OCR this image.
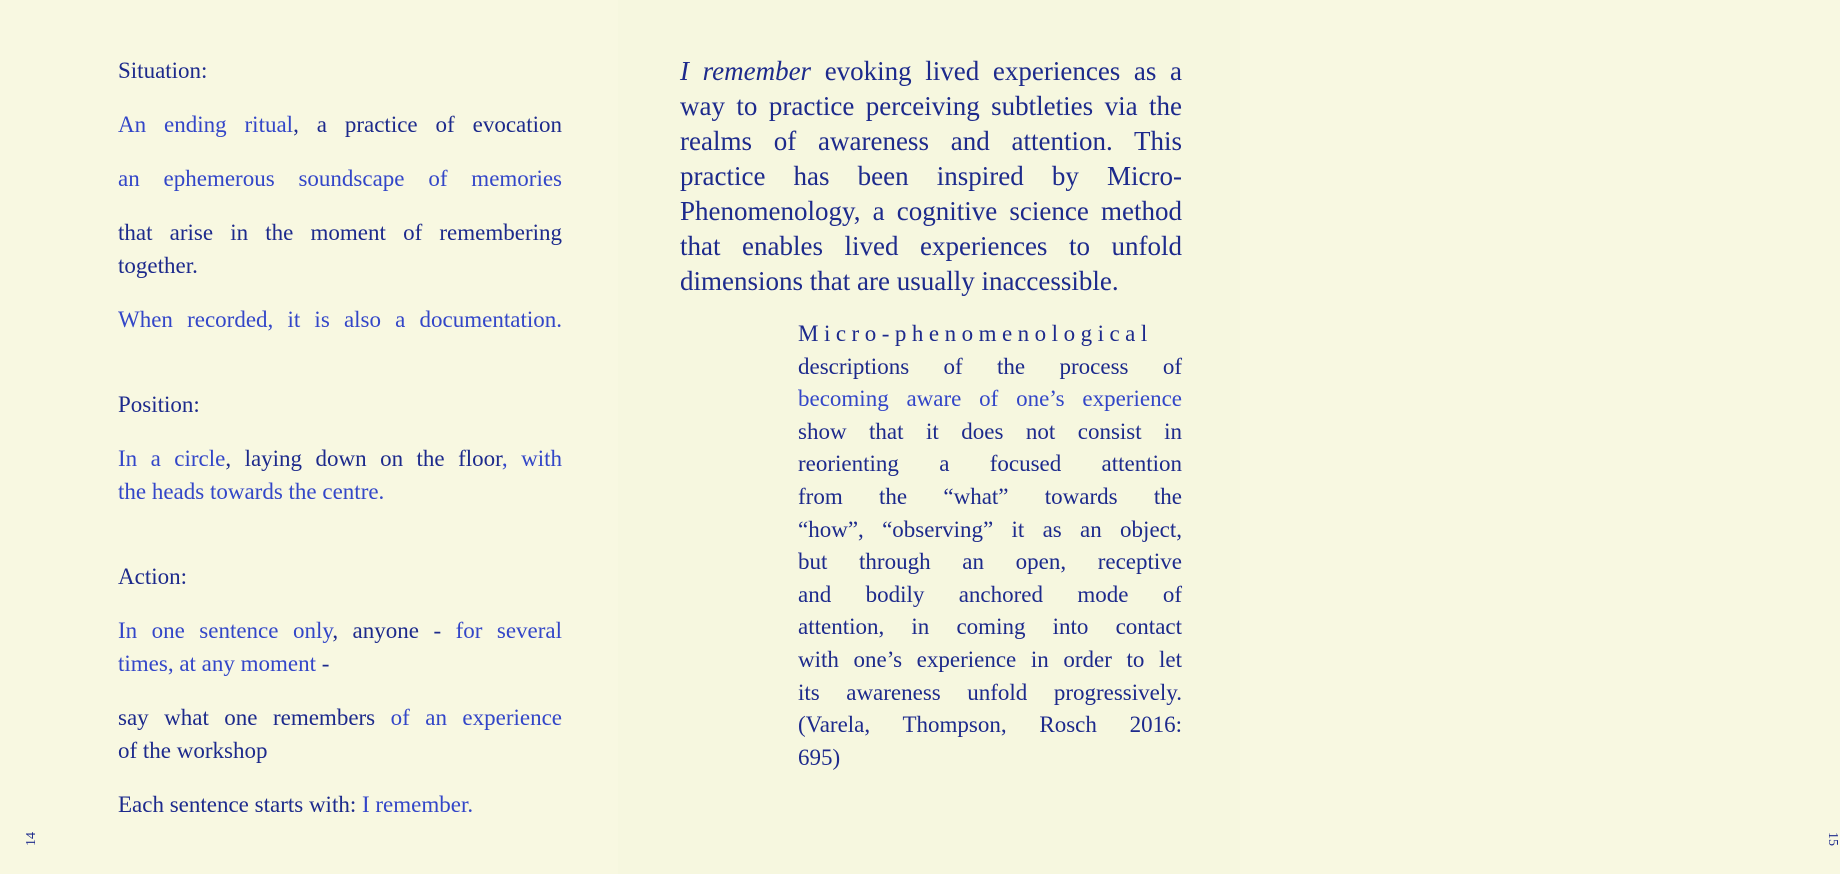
Situation:

An ending ritual, a practice of evocation

an ephemerous soundscape of memories

that arise in the moment of remembering

together.

When recorded, it is also a documentation.

Position:

In a circle, laying down on the floor, with

the heads towards the centre.

Action:

In one sentence only, anyone - for several

times, at any moment -

say what one remembers of an experience

of the workshop

Each sentence starts with: I remember.

14

I remember evoking lived experiences as a way to practice perceiving subtleties via the realms of awareness and attention. This practice has been inspired by Micro-Phenomenology, a cognitive science method that enables lived experiences to unfold dimensions that are usually inaccessible.

Micro-phenomenological
descriptions of the process of
becoming aware of one’s experience
show that it does not consist in
reorienting a focused attention
from the “what” towards the
“how”, “observing” it as an object,
but through an open, receptive
and bodily anchored mode of
attention, in coming into contact
with one’s experience in order to let
its awareness unfold progressively.
(Varela, Thompson, Rosch 2016:
695)
15
